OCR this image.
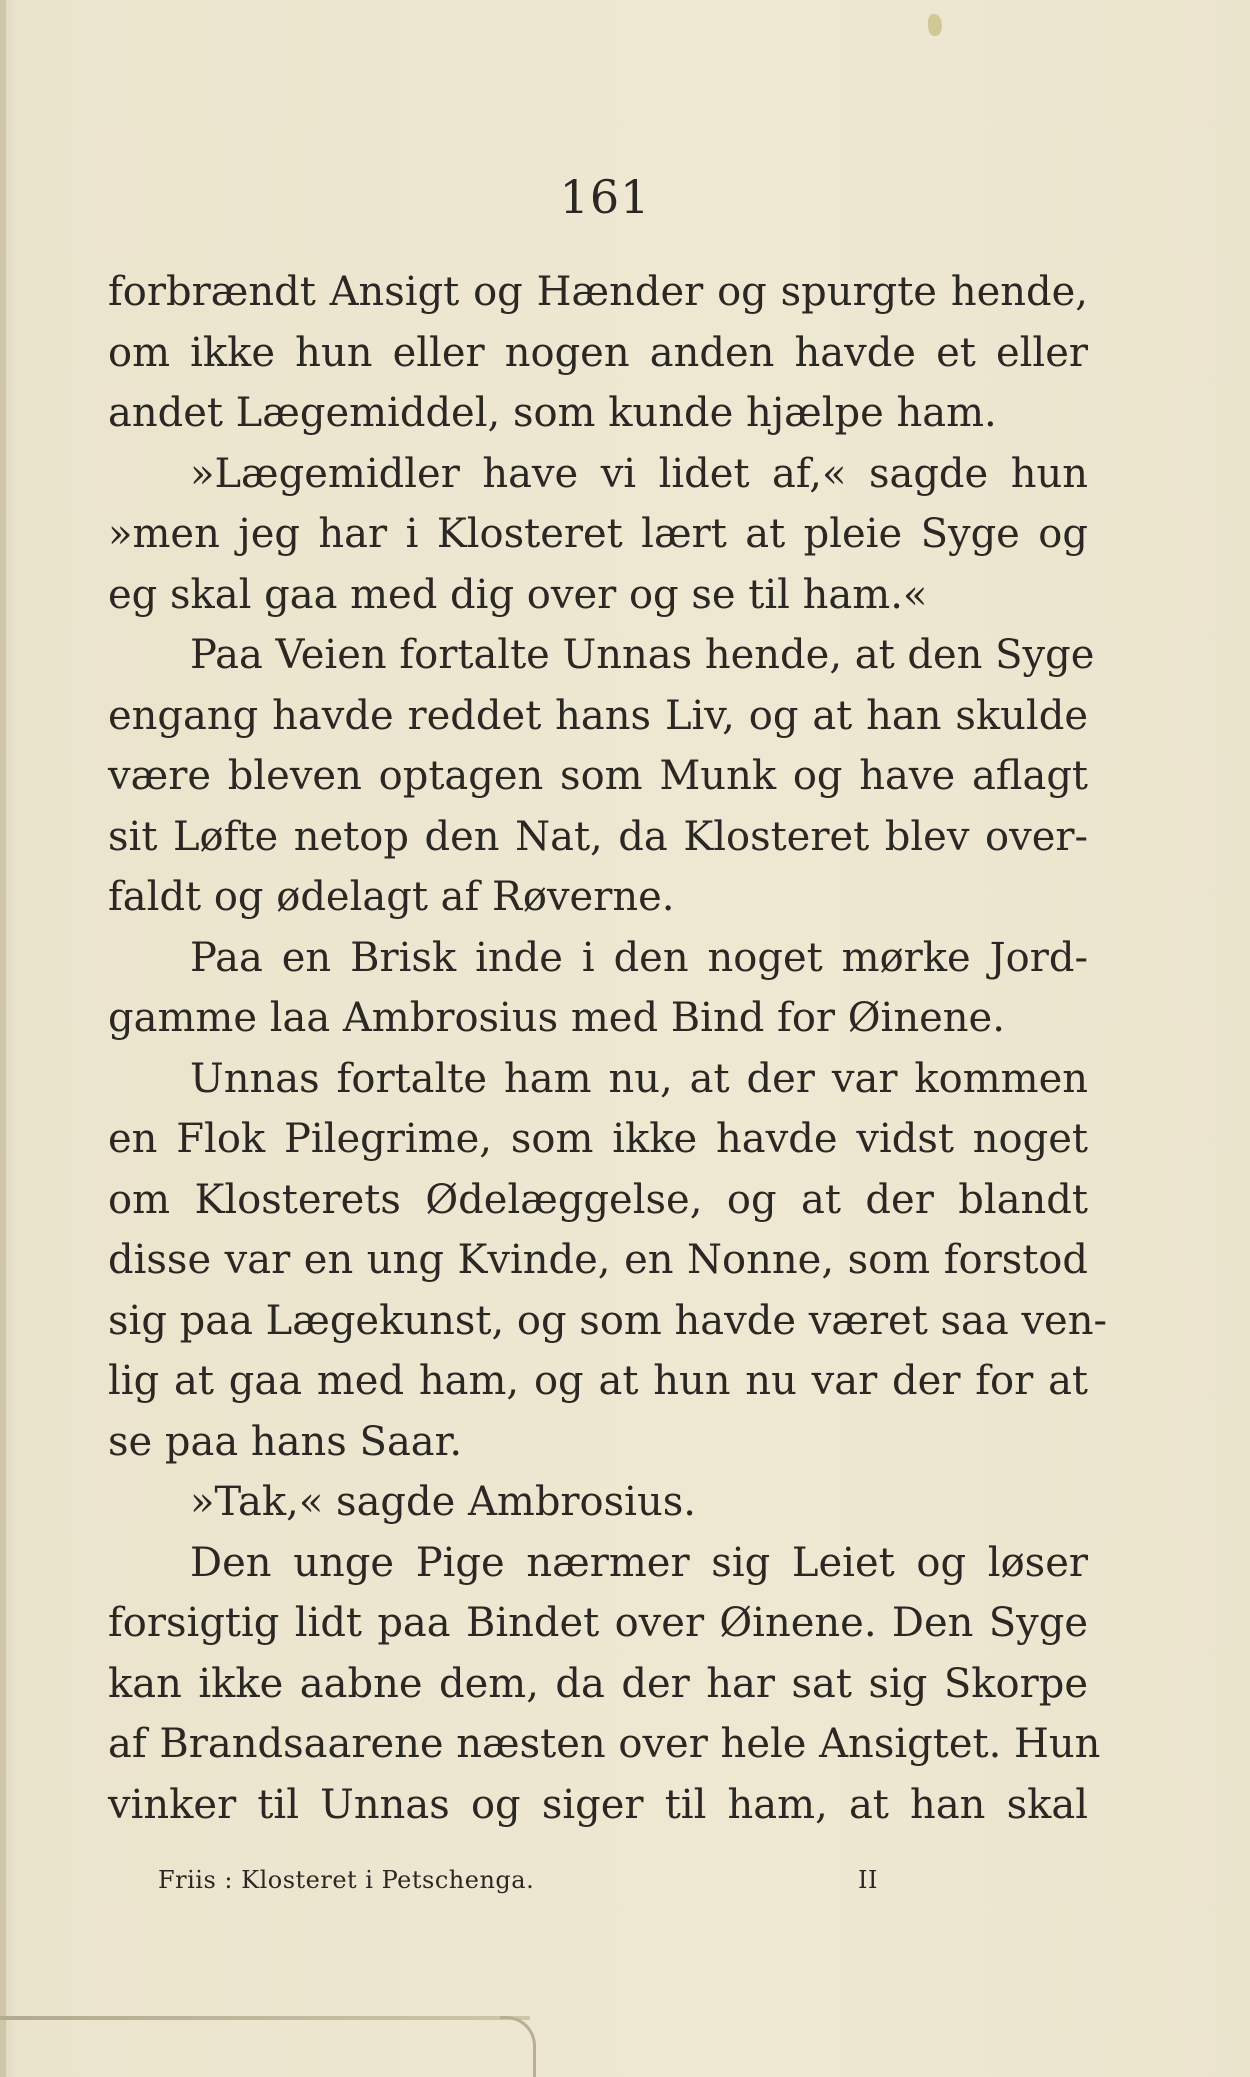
161
forbrændt Ansigt og Hænder og spurgte hende,
om ikke hun eller nogen anden havde et eller
andet Lægemiddel, som kunde hjælpe ham.
»Lægemidler have vi lidet af,« sagde hun
»men jeg har i Klosteret lært at pleie Syge og
eg skal gaa med dig over og se til ham.«
Paa Veien fortalte Unnas hende, at den Syge
engang havde reddet hans Liv, og at han skulde
være bleven optagen som Munk og have aflagt
sit Løfte netop den Nat, da Klosteret blev over-
faldt og ødelagt af Røverne.
Paa en Brisk inde i den noget mørke Jord-
gamme laa Ambrosius med Bind for Øinene.
Unnas fortalte ham nu, at der var kommen
en Flok Pilegrime, som ikke havde vidst noget
om Klosterets Ødelæggelse, og at der blandt
disse var en ung Kvinde, en Nonne, som forstod
sig paa Lægekunst, og som havde været saa ven-
lig at gaa med ham, og at hun nu var der for at
se paa hans Saar.
»Tak,« sagde Ambrosius.
Den unge Pige nærmer sig Leiet og løser
forsigtig lidt paa Bindet over Øinene. Den Syge
kan ikke aabne dem, da der har sat sig Skorpe
af Brandsaarene næsten over hele Ansigtet. Hun
vinker til Unnas og siger til ham, at han skal
Friis : Klosteret i Petschenga.	II
